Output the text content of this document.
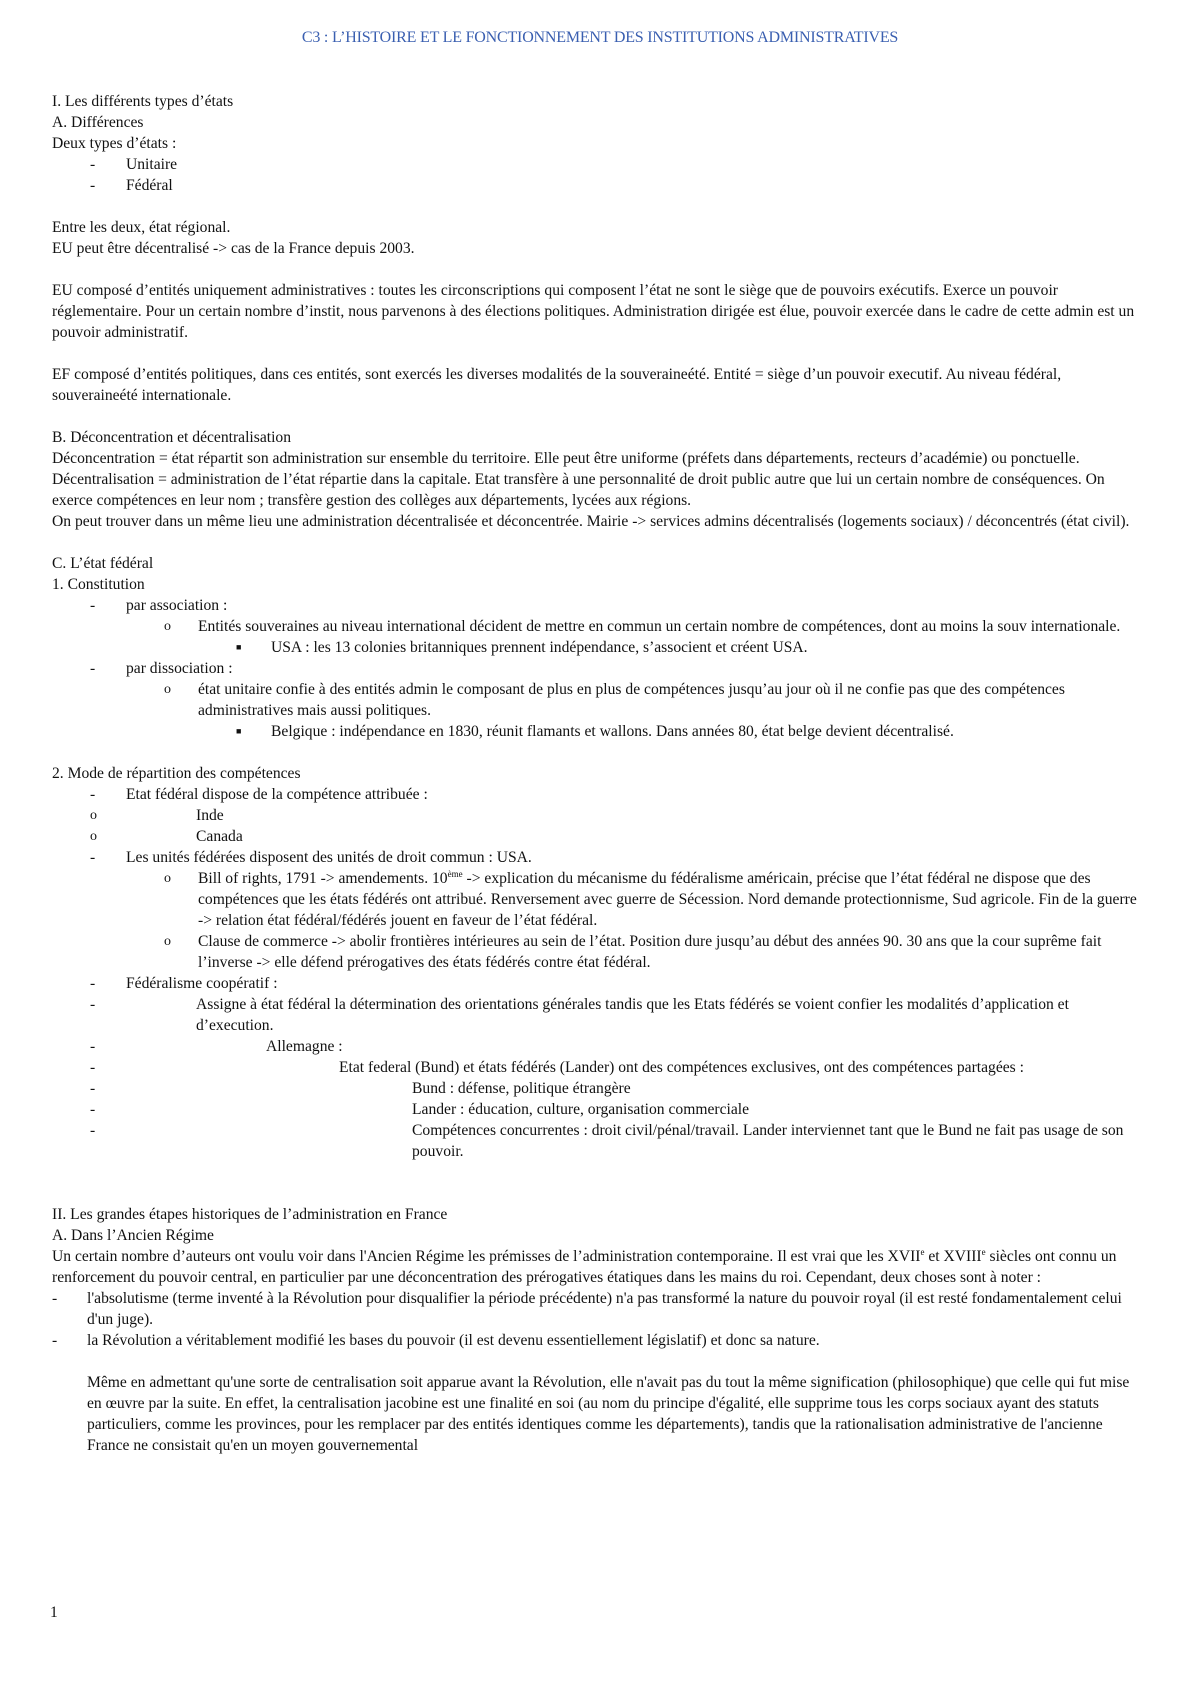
C3 : L’HISTOIRE ET LE FONCTIONNEMENT DES INSTITUTIONS ADMINISTRATIVES
I. Les différents types d’états
A. Différences
Deux types d’états :
- Unitaire
- Fédéral
Entre les deux, état régional.
EU peut être décentralisé -> cas de la France depuis 2003.
EU composé d’entités uniquement administratives : toutes les circonscriptions qui composent l’état ne sont le siège que de pouvoirs exécutifs. Exerce un pouvoir réglementaire. Pour un certain nombre d’instit, nous parvenons à des élections politiques. Administration dirigée est élue, pouvoir exercée dans le cadre de cette admin est un pouvoir administratif.
EF composé d’entités politiques, dans ces entités, sont exercés les diverses modalités de la souveraineété. Entité = siège d’un pouvoir executif. Au niveau fédéral, souveraineété internationale.
B. Déconcentration et décentralisation
Déconcentration = état répartit son administration sur ensemble du territoire. Elle peut être uniforme (préfets dans départements, recteurs d’académie) ou ponctuelle.
Décentralisation = administration de l’état répartie dans la capitale. Etat transfère à une personnalité de droit public autre que lui un certain nombre de conséquences. On exerce compétences en leur nom ; transfère gestion des collèges aux départements, lycées aux régions.
On peut trouver dans un même lieu une administration décentralisée et déconcentrée. Mairie -> services admins décentralisés (logements sociaux) / déconcentrés (état civil).
C. L’état fédéral
1. Constitution
- par association :
o Entités souveraines au niveau international décident de mettre en commun un certain nombre de compétences, dont au moins la souv internationale.
■ USA : les 13 colonies britanniques prennent indépendance, s’associent et créent USA.
- par dissociation :
o état unitaire confie à des entités admin le composant de plus en plus de compétences jusqu’au jour où il ne confie pas que des compétences administratives mais aussi politiques.
■ Belgique : indépendance en 1830, réunit flamants et wallons. Dans années 80, état belge devient décentralisé.
2. Mode de répartition des compétences
- Etat fédéral dispose de la compétence attribuée :
o	Inde
o	Canada
- Les unités fédérées disposent des unités de droit commun : USA.
o Bill of rights, 1791 -> amendements. 10ème -> explication du mécanisme du fédéralisme américain, précise que l’état fédéral ne dispose que des compétences que les états fédérés ont attribué. Renversement avec guerre de Sécession. Nord demande protectionnisme, Sud agricole. Fin de la guerre -> relation état fédéral/fédérés jouent en faveur de l’état fédéral.
o Clause de commerce -> abolir frontières intérieures au sein de l’état. Position dure jusqu’au début des années 90. 30 ans que la cour suprême fait l’inverse -> elle défend prérogatives des états fédérés contre état fédéral.
- Fédéralisme coopératif :
-	Assigne à état fédéral la détermination des orientations générales tandis que les Etats fédérés se voient confier les modalités d’application et d’execution.
-	Allemagne :
-	Etat federal (Bund) et états fédérés (Lander) ont des compétences exclusives, ont des compétences partagées :
-	Bund : défense, politique étrangère
-	Lander : éducation, culture, organisation commerciale
-	Compétences concurrentes : droit civil/pénal/travail. Lander interviennet tant que le Bund ne fait pas usage de son pouvoir.
II. Les grandes étapes historiques de l’administration en France
A. Dans l’Ancien Régime
Un certain nombre d’auteurs ont voulu voir dans l'Ancien Régime les prémisses de l’administration contemporaine. Il est vrai que les XVIIe et XVIIIe siècles ont connu un renforcement du pouvoir central, en particulier par une déconcentration des prérogatives étatiques dans les mains du roi. Cependant, deux choses sont à noter :
- l'absolutisme (terme inventé à la Révolution pour disqualifier la période précédente) n'a pas transformé la nature du pouvoir royal (il est resté fondamentalement celui d'un juge).
- la Révolution a véritablement modifié les bases du pouvoir (il est devenu essentiellement législatif) et donc sa nature.
Même en admettant qu'une sorte de centralisation soit apparue avant la Révolution, elle n'avait pas du tout la même signification (philosophique) que celle qui fut mise en œuvre par la suite. En effet, la centralisation jacobine est une finalité en soi (au nom du principe d'égalité, elle supprime tous les corps sociaux ayant des statuts particuliers, comme les provinces, pour les remplacer par des entités identiques comme les départements), tandis que la rationalisation administrative de l'ancienne France ne consistait qu'en un moyen gouvernemental
1
